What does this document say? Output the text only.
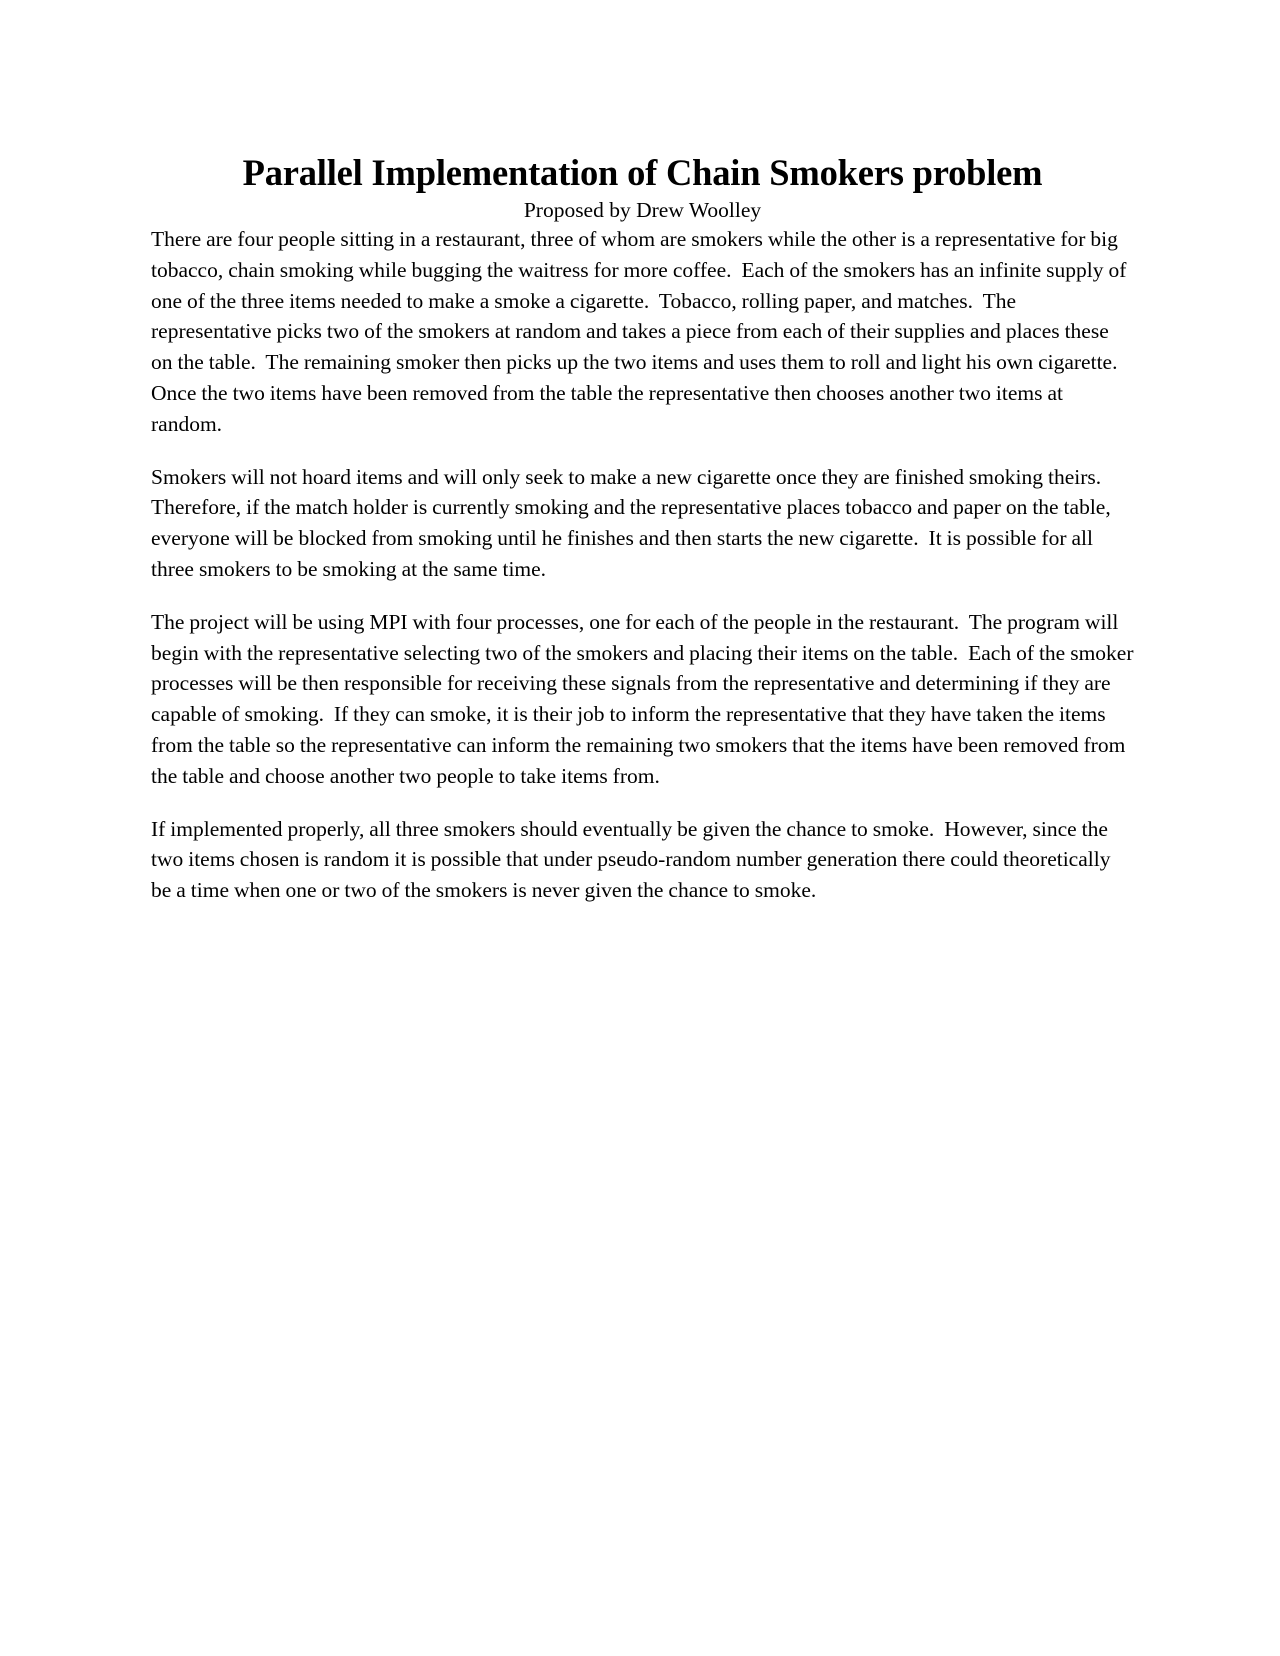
Parallel Implementation of Chain Smokers problem
Proposed by Drew Woolley

There are four people sitting in a restaurant, three of whom are smokers while the other is a representative for big tobacco, chain smoking while bugging the waitress for more coffee.  Each of the smokers has an infinite supply of one of the three items needed to make a smoke a cigarette.  Tobacco, rolling paper, and matches.  The representative picks two of the smokers at random and takes a piece from each of their supplies and places these on the table.  The remaining smoker then picks up the two items and uses them to roll and light his own cigarette.  Once the two items have been removed from the table the representative then chooses another two items at random.

Smokers will not hoard items and will only seek to make a new cigarette once they are finished smoking theirs.  Therefore, if the match holder is currently smoking and the representative places tobacco and paper on the table, everyone will be blocked from smoking until he finishes and then starts the new cigarette.  It is possible for all three smokers to be smoking at the same time.

The project will be using MPI with four processes, one for each of the people in the restaurant.  The program will begin with the representative selecting two of the smokers and placing their items on the table.  Each of the smoker processes will be then responsible for receiving these signals from the representative and determining if they are capable of smoking.  If they can smoke, it is their job to inform the representative that they have taken the items from the table so the representative can inform the remaining two smokers that the items have been removed from the table and choose another two people to take items from.

If implemented properly, all three smokers should eventually be given the chance to smoke.  However, since the two items chosen is random it is possible that under pseudo-random number generation there could theoretically be a time when one or two of the smokers is never given the chance to smoke.
